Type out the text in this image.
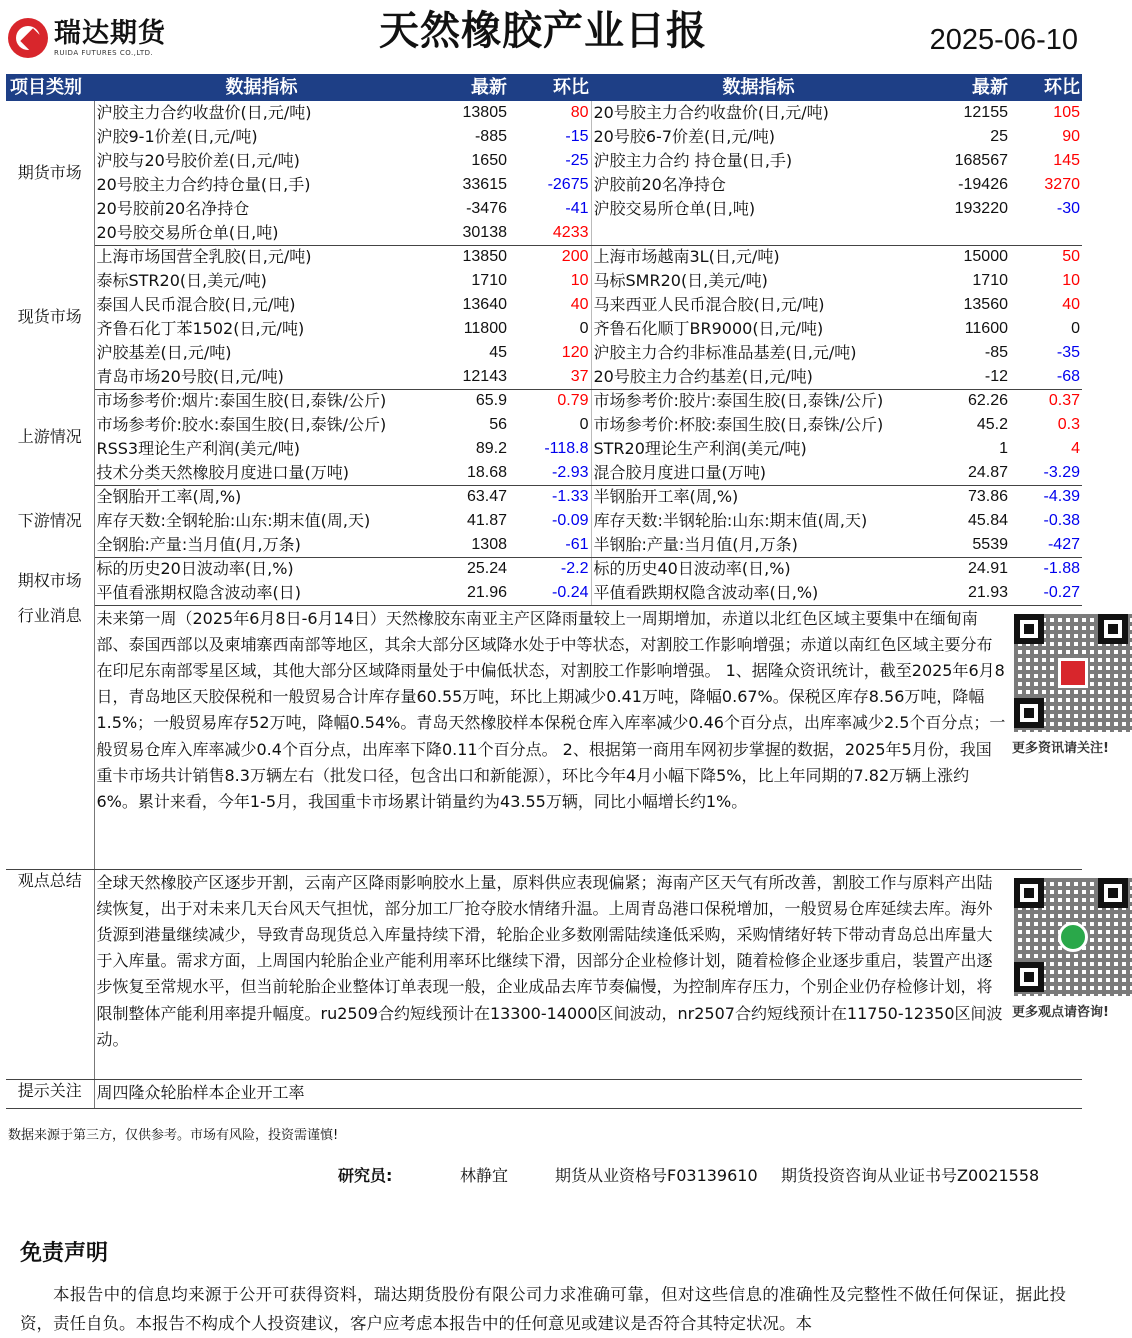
瑞达期货
RUIDA FUTURES CO.,LTD.	天然橡胶产业日报	2025-06-10
项目类别	数据指标	最新	环比	数据指标	最新	环比
期货市场	沪胶主力合约收盘价(日,元/吨)	13805	80	20号胶主力合约收盘价(日,元/吨)	12155	105
	沪胶9-1价差(日,元/吨)	-885	-15	20号胶6-7价差(日,元/吨)	25	90
	沪胶与20号胶价差(日,元/吨)	1650	-25	沪胶主力合约 持仓量(日,手)	168567	145
	20号胶主力合约持仓量(日,手)	33615	-2675	沪胶前20名净持仓	-19426	3270
	20号胶前20名净持仓	-3476	-41	沪胶交易所仓单(日,吨)	193220	-30
	20号胶交易所仓单(日,吨)	30138	4233			
现货市场	上海市场国营全乳胶(日,元/吨)	13850	200	上海市场越南3L(日,元/吨)	15000	50
	泰标STR20(日,美元/吨)	1710	10	马标SMR20(日,美元/吨)	1710	10
	泰国人民币混合胶(日,元/吨)	13640	40	马来西亚人民币混合胶(日,元/吨)	13560	40
	齐鲁石化丁苯1502(日,元/吨)	11800	0	齐鲁石化顺丁BR9000(日,元/吨)	11600	0
	沪胶基差(日,元/吨)	45	120	沪胶主力合约非标准品基差(日,元/吨)	-85	-35
	青岛市场20号胶(日,元/吨)	12143	37	20号胶主力合约基差(日,元/吨)	-12	-68
上游情况	市场参考价:烟片:泰国生胶(日,泰铢/公斤)	65.9	0.79	市场参考价:胶片:泰国生胶(日,泰铢/公斤)	62.26	0.37
	市场参考价:胶水:泰国生胶(日,泰铢/公斤)	56	0	市场参考价:杯胶:泰国生胶(日,泰铢/公斤)	45.2	0.3
	RSS3理论生产利润(美元/吨)	89.2	-118.8	STR20理论生产利润(美元/吨)	1	4
	技术分类天然橡胶月度进口量(万吨)	18.68	-2.93	混合胶月度进口量(万吨)	24.87	-3.29
下游情况	全钢胎开工率(周,%)	63.47	-1.33	半钢胎开工率(周,%)	73.86	-4.39
	库存天数:全钢轮胎:山东:期末值(周,天)	41.87	-0.09	库存天数:半钢轮胎:山东:期末值(周,天)	45.84	-0.38
	全钢胎:产量:当月值(月,万条)	1308	-61	半钢胎:产量:当月值(月,万条)	5539	-427
期权市场	标的历史20日波动率(日,%)	25.24	-2.2	标的历史40日波动率(日,%)	24.91	-1.88
	平值看涨期权隐含波动率(日)	21.96	-0.24	平值看跌期权隐含波动率(日,%)	21.93	-0.27
行业消息	未来第一周（2025年6月8日-6月14日）天然橡胶东南亚主产区降雨量较上一周期增加，赤道以北红色区域主要集中在缅甸南部、泰国西部以及柬埔寨西南部等地区，其余大部分区域降水处于中等状态，对割胶工作影响增强；赤道以南红色区域主要分布在印尼东南部零星区域，其他大部分区域降雨量处于中偏低状态，对割胶工作影响增强。 1、据隆众资讯统计，截至2025年6月8日，青岛地区天胶保税和一般贸易合计库存量60.55万吨，环比上期减少0.41万吨，降幅0.67%。保税区库存8.56万吨，降幅1.5%；一般贸易库存52万吨，降幅0.54%。青岛天然橡胶样本保税仓库入库率减少0.46个百分点，出库率减少2.5个百分点；一般贸易仓库入库率减少0.4个百分点，出库率下降0.11个百分点。 2、根据第一商用车网初步掌握的数据，2025年5月份，我国重卡市场共计销售8.3万辆左右（批发口径，包含出口和新能源），环比今年4月小幅下降5%，比上年同期的7.82万辆上涨约6%。累计来看，今年1-5月，我国重卡市场累计销量约为43.55万辆，同比小幅增长约1%。					更多资讯请关注!

观点总结	全球天然橡胶产区逐步开割，云南产区降雨影响胶水上量，原料供应表现偏紧；海南产区天气有所改善，割胶工作与原料产出陆续恢复，出于对未来几天台风天气担忧，部分加工厂抢夺胶水情绪升温。上周青岛港口保税增加，一般贸易仓库延续去库。海外货源到港量继续减少，导致青岛现货总入库量持续下滑，轮胎企业多数刚需陆续逢低采购，采购情绪好转下带动青岛总出库量大于入库量。需求方面，上周国内轮胎企业产能利用率环比继续下滑，因部分企业检修计划，随着检修企业逐步重启，装置产出逐步恢复至常规水平，但当前轮胎企业整体订单表现一般，企业成品去库节奏偏慢，为控制库存压力，个别企业仍存检修计划，将限制整体产能利用率提升幅度。ru2509合约短线预计在13300-14000区间波动，nr2507合约短线预计在11750-12350区间波动。					更多观点请咨询!

提示关注	周四隆众轮胎样本企业开工率					
数据来源于第三方，仅供参考。市场有风险，投资需谨慎!
研究员:	林静宜	期货从业资格号F03139610 期货投资咨询从业证书号Z0021558
免责声明
本报告中的信息均来源于公开可获得资料，瑞达期货股份有限公司力求准确可靠，但对这些信息的准确性及完整性不做任何保证，据此投资，责任自负。本报告不构成个人投资建议，客户应考虑本报告中的任何意见或建议是否符合其特定状况。本
